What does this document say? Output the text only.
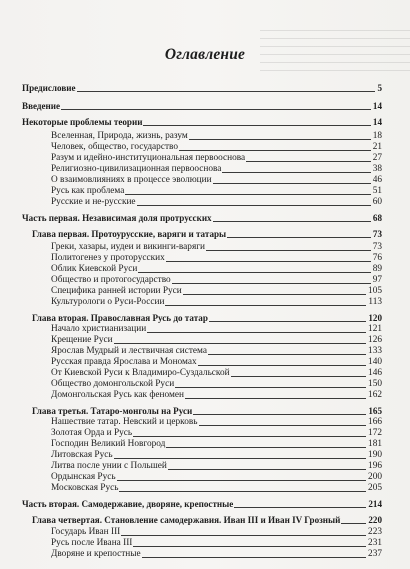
Оглавление
Предисловие	5
Введение	14
Некоторые проблемы теории	14
Вселенная, Природа, жизнь, разум	18
Человек, общество, государство	21
Разум и идейно-институциональная первооснова	27
Религиозно-цивилизационная первооснова	38
О взаимовлияниях в процессе эволюции	46
Русь как проблема	51
Русские и не-русские	60
Часть первая. Независимая доля протрусских	68
Глава первая. Протоурусские, варяги и татары	73
Греки, хазары, иудеи и викинги-варяги	73
Политогенез у проторусских	76
Облик Киевской Руси	89
Общество и протогосударство	97
Специфика ранней истории Руси	105
Культурологи о Руси-России	113
Глава вторая. Православная Русь до татар	120
Начало христианизации	121
Крещение Руси	126
Ярослав Мудрый и лествичная система	133
Русская правда Ярослава и Мономах	140
От Киевской Руси к Владимиро-Суздальской	146
Общество домонгольской Руси	150
Домонгольская Русь как феномен	162
Глава третья. Татаро-монголы на Руси	165
Нашествие татар. Невский и церковь	166
Золотая Орда и Русь	172
Господин Великий Новгород	181
Литовская Русь	190
Литва после унии с Польшей	196
Ордынская Русь	200
Московская Русь	205
Часть вторая. Самодержавие, дворяне, крепостные	214
Глава четвертая. Становление самодержавия. Иван III и Иван IV Грозный	220
Государь Иван III	223
Русь после Ивана III	231
Дворяне и крепостные	237
